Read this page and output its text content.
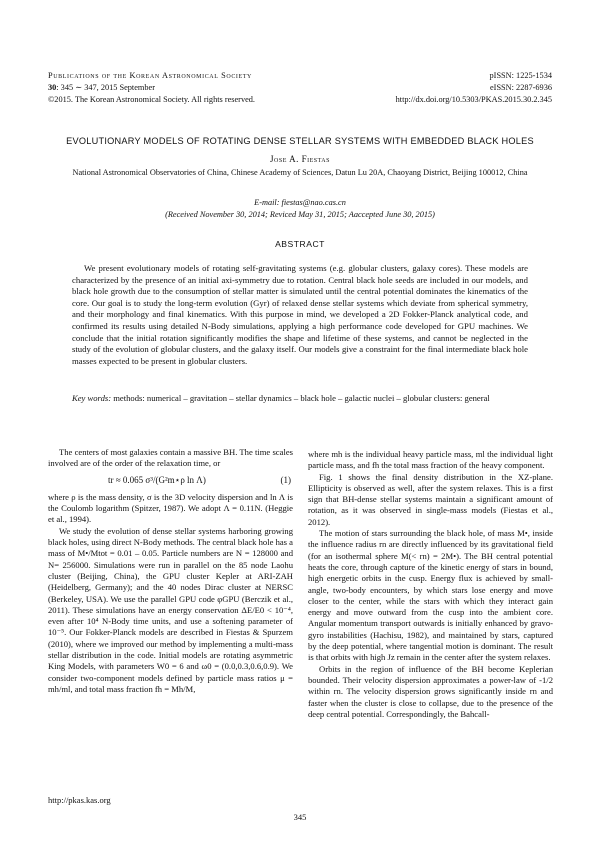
Publications of the Korean Astronomical Society
30: 345 ∼ 347, 2015 September
©2015. The Korean Astronomical Society. All rights reserved.
pISSN: 1225-1534
eISSN: 2287-6936
http://dx.doi.org/10.5303/PKAS.2015.30.2.345
EVOLUTIONARY MODELS OF ROTATING DENSE STELLAR SYSTEMS WITH EMBEDDED BLACK HOLES
Jose A. Fiestas
National Astronomical Observatories of China, Chinese Academy of Sciences, Datun Lu 20A, Chaoyang District, Beijing 100012, China
E-mail: fiestas@nao.cas.cn
(Received November 30, 2014; Reviced May 31, 2015; Aaccepted June 30, 2015)
ABSTRACT

We present evolutionary models of rotating self-gravitating systems (e.g. globular clusters, galaxy cores). These models are characterized by the presence of an initial axi-symmetry due to rotation. Central black hole seeds are included in our models, and black hole growth due to the consumption of stellar matter is simulated until the central potential dominates the kinematics of the core. Our goal is to study the long-term evolution (Gyr) of relaxed dense stellar systems which deviate from spherical symmetry, and their morphology and final kinematics. With this purpose in mind, we developed a 2D Fokker-Planck analytical code, and confirmed its results using detailed N-Body simulations, applying a high performance code developed for GPU machines. We conclude that the initial rotation significantly modifies the shape and lifetime of these systems, and cannot be neglected in the study of the evolution of globular clusters, and the galaxy itself. Our models give a constraint for the final intermediate black hole masses expected to be present in globular clusters.

Key words: methods: numerical – gravitation – stellar dynamics – black hole – galactic nuclei – globular clusters: general

The centers of most galaxies contain a massive BH. The time scales involved are of the order of the relaxation time, or

tr ≈ 0.065 σ³/(G²m⋆ρ ln Λ)	(1)

where ρ is the mass density, σ is the 3D velocity dispersion and ln Λ is the Coulomb logarithm (Spitzer, 1987). We adopt Λ = 0.11N. (Heggie et al., 1994).

We study the evolution of dense stellar systems harboring growing black holes, using direct N-Body methods. The central black hole has a mass of M•/Mtot = 0.01 – 0.05. Particle numbers are N = 128000 and N= 256000. Simulations were run in parallel on the 85 node Laohu cluster (Beijing, China), the GPU cluster Kepler at ARI-ZAH (Heidelberg, Germany); and the 40 nodes Dirac cluster at NERSC (Berkeley, USA). We use the parallel GPU code φGPU (Berczik et al., 2011). These simulations have an energy conservation ΔE/E0 < 10⁻⁴, even after 10⁴ N-Body time units, and use a softening parameter of 10⁻⁵. Our Fokker-Planck models are described in Fiestas & Spurzem (2010), where we improved our method by implementing a multi-mass stellar distribution in the code. Initial models are rotating asymmetric King Models, with parameters W0 = 6 and ω0 = (0.0,0.3,0.6,0.9). We consider two-component models defined by particle mass ratios μ = mh/ml, and total mass fraction fh = Mh/M,

where mh is the individual heavy particle mass, ml the individual light particle mass, and fh the total mass fraction of the heavy component.

Fig. 1 shows the final density distribution in the XZ-plane. Ellipticity is observed as well, after the system relaxes. This is a first sign that BH-dense stellar systems maintain a significant amount of rotation, as it was observed in single-mass models (Fiestas et al., 2012).

The motion of stars surrounding the black hole, of mass M•, inside the influence radius rn are directly influenced by its gravitational field (for an isothermal sphere M(< rn) = 2M•). The BH central potential heats the core, through capture of the kinetic energy of stars in bound, high energetic orbits in the cusp. Energy flux is achieved by small-angle, two-body encounters, by which stars lose energy and move closer to the center, while the stars with which they interact gain energy and move outward from the cusp into the ambient core. Angular momentum transport outwards is initially enhanced by gravo-gyro instabilities (Hachisu, 1982), and maintained by stars, captured by the deep potential, where tangential motion is dominant. The result is that orbits with high Jz remain in the center after the system relaxes.

Orbits in the region of influence of the BH become Keplerian bounded. Their velocity dispersion approximates a power-law of -1/2 within rn. The velocity dispersion grows significantly inside rn and faster when the cluster is close to collapse, due to the presence of the deep central potential. Correspondingly, the Bahcall-

http://pkas.kas.org
345
